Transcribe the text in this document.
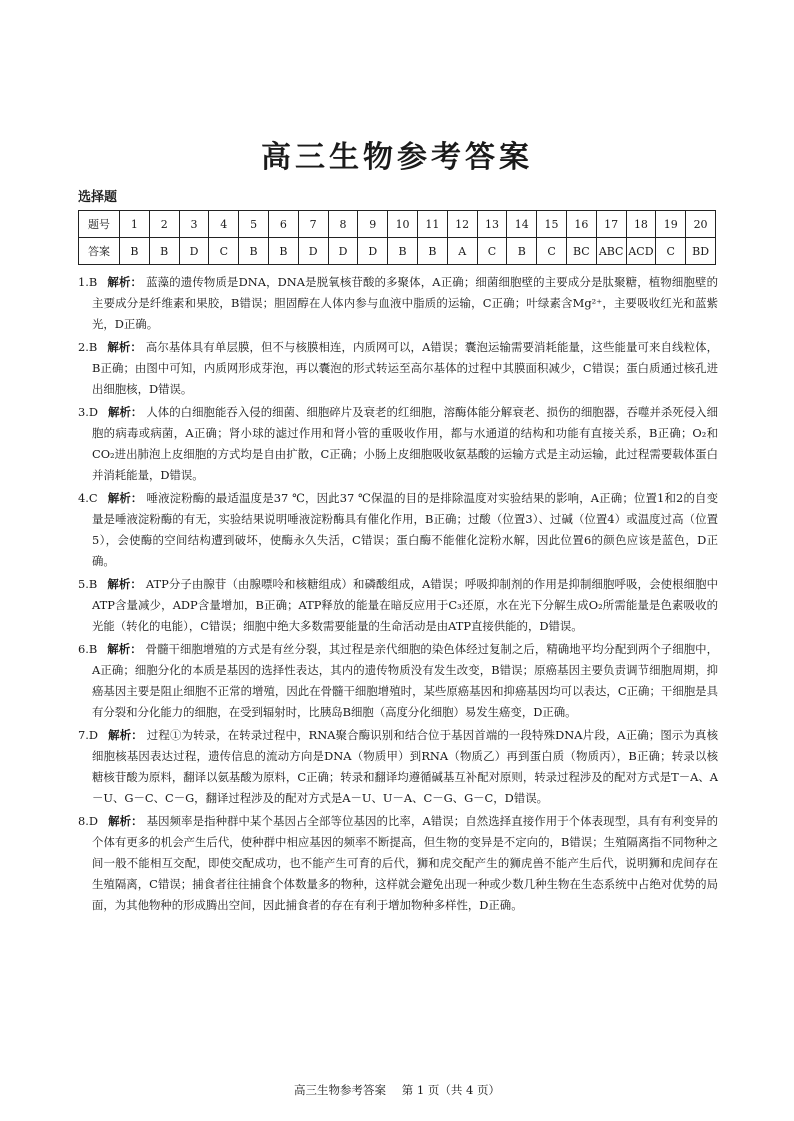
高三生物参考答案

选择题

题号	1	2	3	4	5	6	7	8	9	10	11	12	13	14	15	16	17	18	19	20
答案	B	B	D	C	B	B	D	D	D	B	B	A	C	B	C	BC	ABC	ACD	C	BD

1.B 解析： 蓝藻的遗传物质是DNA，DNA是脱氧核苷酸的多聚体，A正确；细菌细胞壁的主要成分是肽聚糖，植物细胞壁的主要成分是纤维素和果胶，B错误；胆固醇在人体内参与血液中脂质的运输，C正确；叶绿素含Mg²⁺，主要吸收红光和蓝紫光，D正确。

2.B 解析： 高尔基体具有单层膜，但不与核膜相连，内质网可以，A错误；囊泡运输需要消耗能量，这些能量可来自线粒体，B正确；由图中可知，内质网形成芽泡，再以囊泡的形式转运至高尔基体的过程中其膜面积减少，C错误；蛋白质通过核孔进出细胞核，D错误。

3.D 解析： 人体的白细胞能吞入侵的细菌、细胞碎片及衰老的红细胞，溶酶体能分解衰老、损伤的细胞器，吞噬并杀死侵入细胞的病毒或病菌，A正确；肾小球的滤过作用和肾小管的重吸收作用，都与水通道的结构和功能有直接关系，B正确；O₂和CO₂进出肺泡上皮细胞的方式均是自由扩散，C正确；小肠上皮细胞吸收氨基酸的运输方式是主动运输，此过程需要载体蛋白并消耗能量，D错误。

4.C 解析： 唾液淀粉酶的最适温度是37 ℃，因此37 ℃保温的目的是排除温度对实验结果的影响，A正确；位置1和2的自变量是唾液淀粉酶的有无，实验结果说明唾液淀粉酶具有催化作用，B正确；过酸（位置3）、过碱（位置4）或温度过高（位置5），会使酶的空间结构遭到破坏，使酶永久失活，C错误；蛋白酶不能催化淀粉水解，因此位置6的颜色应该是蓝色，D正确。

5.B 解析： ATP分子由腺苷（由腺嘌呤和核糖组成）和磷酸组成，A错误；呼吸抑制剂的作用是抑制细胞呼吸，会使根细胞中ATP含量减少，ADP含量增加，B正确；ATP释放的能量在暗反应用于C₃还原，水在光下分解生成O₂所需能量是色素吸收的光能（转化的电能），C错误；细胞中绝大多数需要能量的生命活动是由ATP直接供能的，D错误。

6.B 解析： 骨髓干细胞增殖的方式是有丝分裂，其过程是亲代细胞的染色体经过复制之后，精确地平均分配到两个子细胞中，A正确；细胞分化的本质是基因的选择性表达，其内的遗传物质没有发生改变，B错误；原癌基因主要负责调节细胞周期，抑癌基因主要是阻止细胞不正常的增殖，因此在骨髓干细胞增殖时，某些原癌基因和抑癌基因均可以表达，C正确；干细胞是具有分裂和分化能力的细胞，在受到辐射时，比胰岛B细胞（高度分化细胞）易发生癌变，D正确。

7.D 解析： 过程①为转录，在转录过程中，RNA聚合酶识别和结合位于基因首端的一段特殊DNA片段，A正确；图示为真核细胞核基因表达过程，遗传信息的流动方向是DNA（物质甲）到RNA（物质乙）再到蛋白质（物质丙），B正确；转录以核糖核苷酸为原料，翻译以氨基酸为原料，C正确；转录和翻译均遵循碱基互补配对原则，转录过程涉及的配对方式是T－A、A－U、G－C、C－G，翻译过程涉及的配对方式是A－U、U－A、C－G、G－C，D错误。

8.D 解析： 基因频率是指种群中某个基因占全部等位基因的比率，A错误；自然选择直接作用于个体表现型，具有有利变异的个体有更多的机会产生后代，使种群中相应基因的频率不断提高，但生物的变异是不定向的，B错误；生殖隔离指不同物种之间一般不能相互交配，即使交配成功，也不能产生可育的后代，狮和虎交配产生的狮虎兽不能产生后代，说明狮和虎间存在生殖隔离，C错误；捕食者往往捕食个体数量多的物种，这样就会避免出现一种或少数几种生物在生态系统中占绝对优势的局面，为其他物种的形成腾出空间，因此捕食者的存在有利于增加物种多样性，D正确。

高三生物参考答案 第 1 页（共 4 页）
